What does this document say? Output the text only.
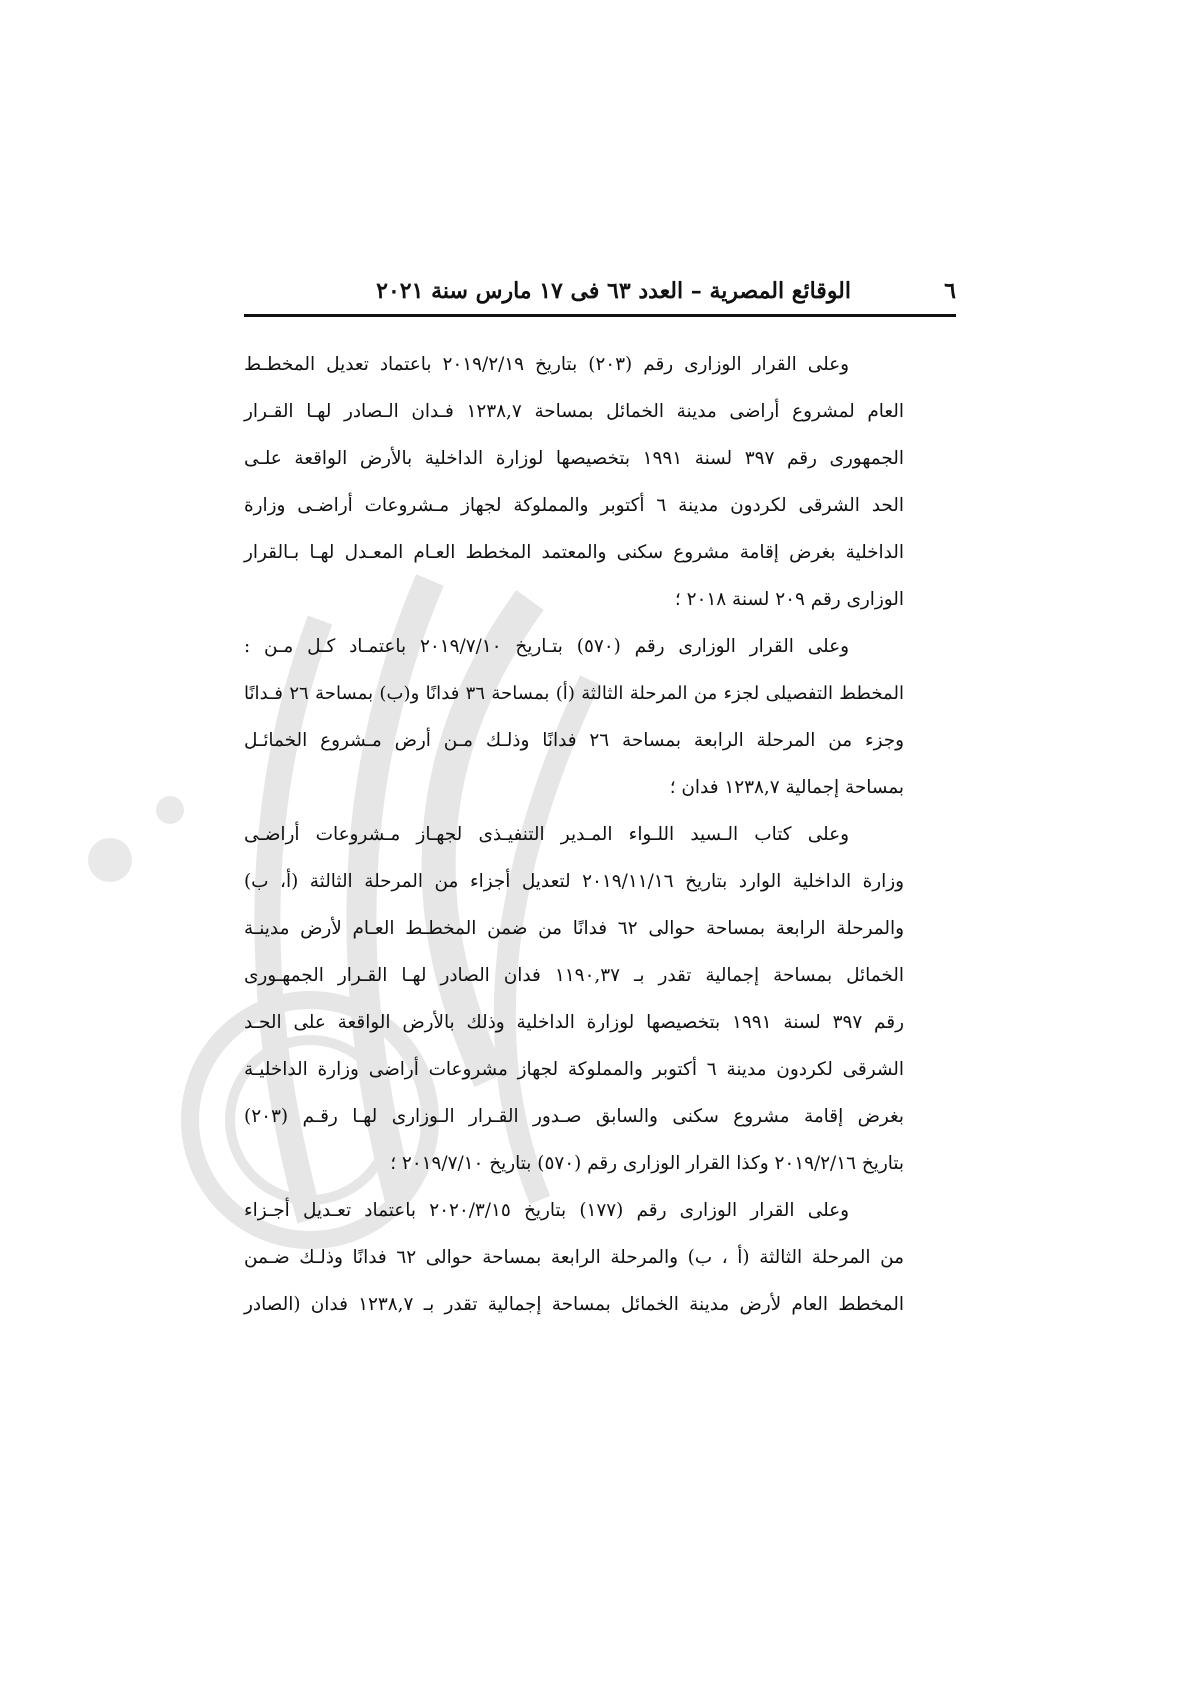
الوقائع المصرية – العدد ٦٣ فى ١٧ مارس سنة ٢٠٢١	٦
وعلى القرار الوزارى رقم (٢٠٣) بتاريخ ٢٠١٩/٢/١٩ باعتماد تعديل المخطـط
العام لمشروع أراضى مدينة الخمائل بمساحة ١٢٣٨,٧ فـدان الـصادر لهـا القـرار
الجمهورى رقم ٣٩٧ لسنة ١٩٩١ بتخصيصها لوزارة الداخلية بالأرض الواقعة علـى
الحد الشرقى لكردون مدينة ٦ أكتوبر والمملوكة لجهاز مـشروعات أراضـى وزارة
الداخلية بغرض إقامة مشروع سكنى والمعتمد المخطط العـام المعـدل لهـا بـالقرار
الوزارى رقم ٢٠٩ لسنة ٢٠١٨ ؛
وعلى القرار الوزارى رقم (٥٧٠) بتـاريخ ٢٠١٩/٧/١٠ باعتمـاد كـل مـن :
المخطط التفصيلى لجزء من المرحلة الثالثة (أ) بمساحة ٣٦ فدانًا و(ب) بمساحة ٢٦ فـدانًا
وجزء من المرحلة الرابعة بمساحة ٢٦ فدانًا وذلـك مـن أرض مـشروع الخمائـل
بمساحة إجمالية ١٢٣٨,٧ فدان ؛
وعلى كتاب الـسيد اللـواء المـدير التنفيـذى لجهـاز مـشروعات أراضـى
وزارة الداخلية الوارد بتاريخ ٢٠١٩/١١/١٦ لتعديل أجزاء من المرحلة الثالثة (أ، ب)
والمرحلة الرابعة بمساحة حوالى ٦٢ فدانًا من ضمن المخطـط العـام لأرض مدينـة
الخمائل بمساحة إجمالية تقدر بـ ١١٩٠,٣٧ فدان الصادر لهـا القـرار الجمهـورى
رقم ٣٩٧ لسنة ١٩٩١ بتخصيصها لوزارة الداخلية وذلك بالأرض الواقعة على الحـد
الشرقى لكردون مدينة ٦ أكتوبر والمملوكة لجهاز مشروعات أراضى وزارة الداخليـة
بغرض إقامة مشروع سكنى والسابق صـدور القـرار الـوزارى لهـا رقـم (٢٠٣)
بتاريخ ٢٠١٩/٢/١٦ وكذا القرار الوزارى رقم (٥٧٠) بتاريخ ٢٠١٩/٧/١٠ ؛
وعلى القرار الوزارى رقم (١٧٧) بتاريخ ٢٠٢٠/٣/١٥ باعتماد تعـديل أجـزاء
من المرحلة الثالثة (أ ، ب) والمرحلة الرابعة بمساحة حوالى ٦٢ فدانًا وذلـك ضـمن
المخطط العام لأرض مدينة الخمائل بمساحة إجمالية تقدر بـ ١٢٣٨,٧ فدان (الصادر
